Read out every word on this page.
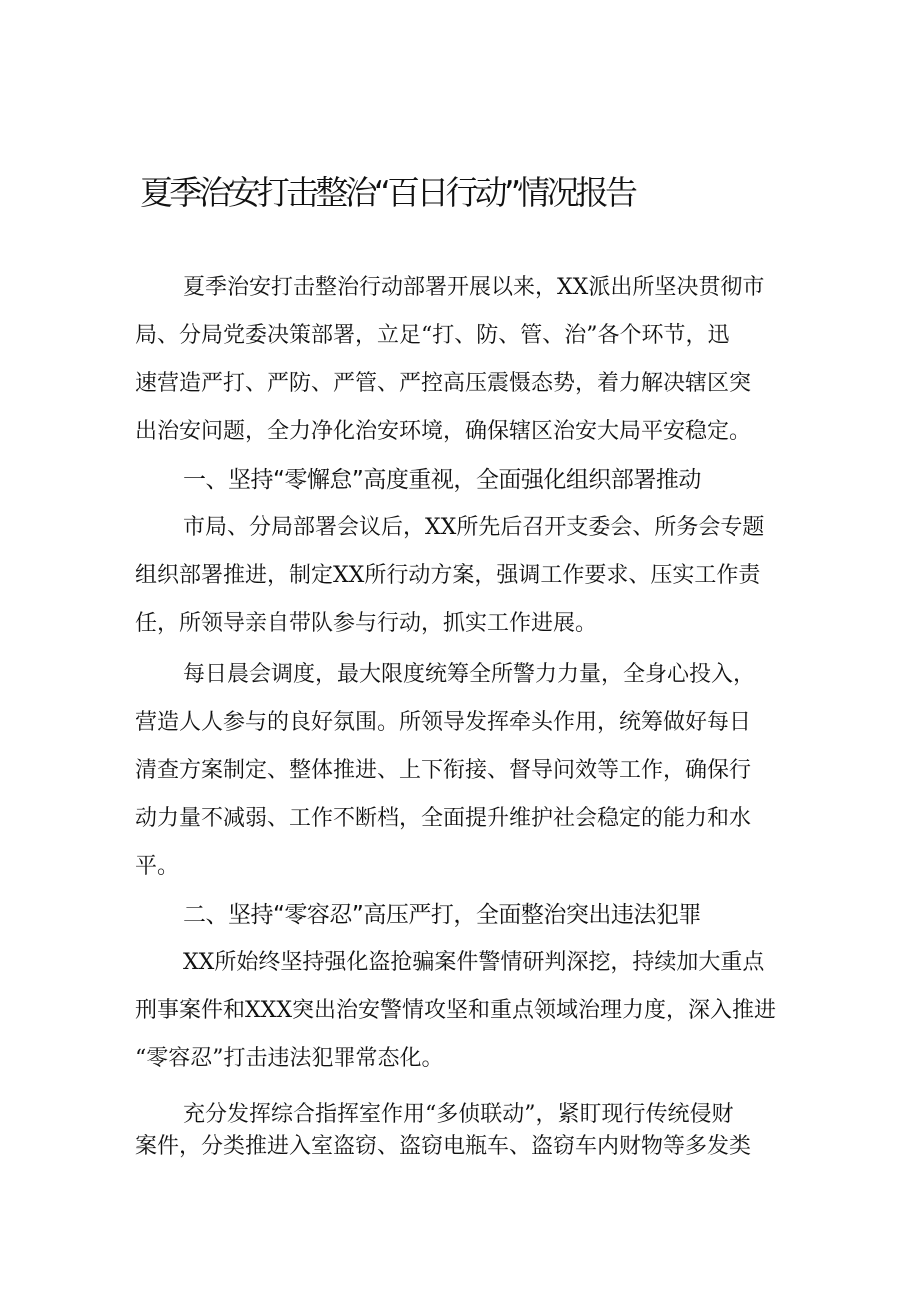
夏季治安打击整治“百日行动”情况报告

夏季治安打击整治行动部署开展以来，XX派出所坚决贯彻市

局、分局党委决策部署，立足“打、防、管、治”各个环节，迅

速营造严打、严防、严管、严控高压震慑态势，着力解决辖区突

出治安问题，全力净化治安环境，确保辖区治安大局平安稳定。

一、坚持“零懈怠”高度重视，全面强化组织部署推动

市局、分局部署会议后，XX所先后召开支委会、所务会专题

组织部署推进，制定XX所行动方案，强调工作要求、压实工作责

任，所领导亲自带队参与行动，抓实工作进展。

每日晨会调度，最大限度统筹全所警力力量，全身心投入，

营造人人参与的良好氛围。所领导发挥牵头作用，统筹做好每日

清查方案制定、整体推进、上下衔接、督导问效等工作，确保行

动力量不减弱、工作不断档，全面提升维护社会稳定的能力和水

平。

二、坚持“零容忍”高压严打，全面整治突出违法犯罪

XX所始终坚持强化盗抢骗案件警情研判深挖，持续加大重点

刑事案件和XXX突出治安警情攻坚和重点领域治理力度，深入推进

“零容忍”打击违法犯罪常态化。

充分发挥综合指挥室作用“多侦联动”，紧盯现行传统侵财

案件，分类推进入室盗窃、盗窃电瓶车、盗窃车内财物等多发类
